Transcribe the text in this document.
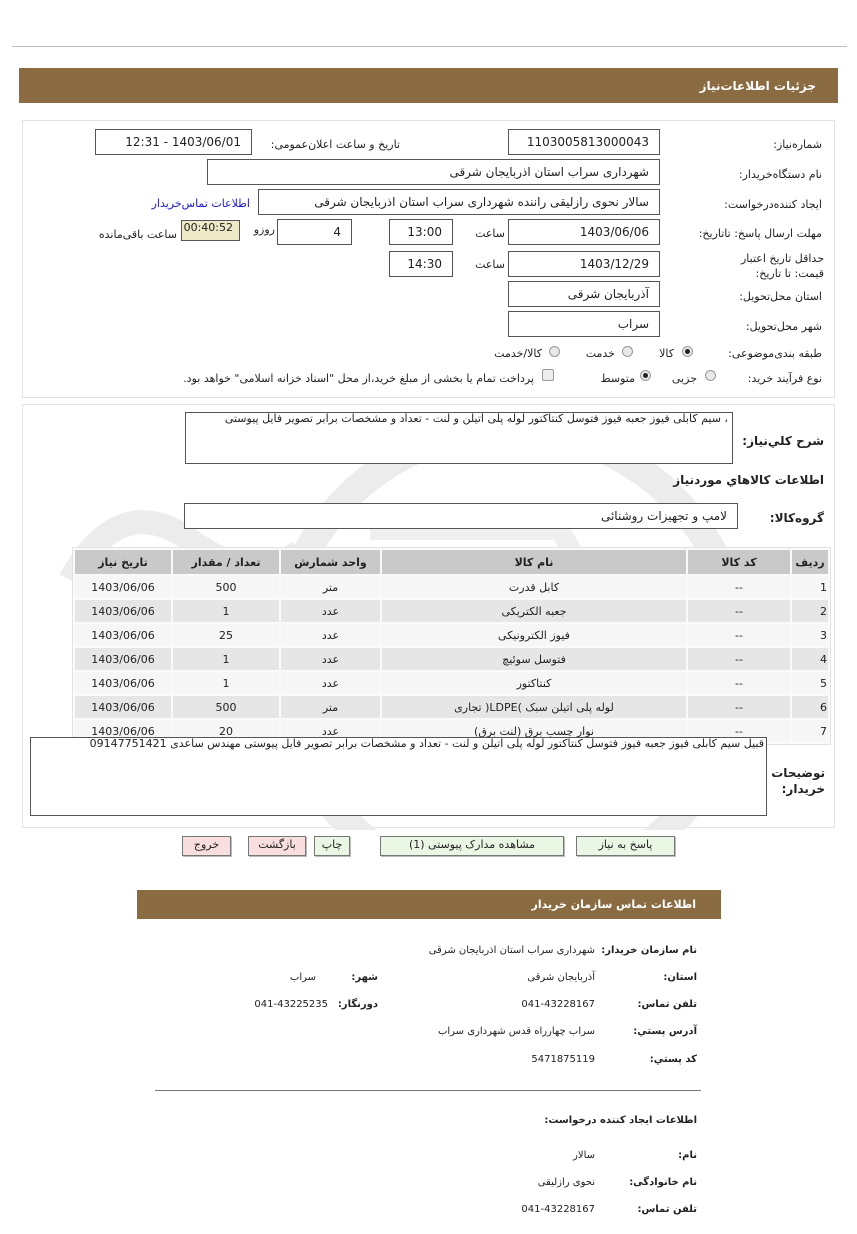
جزئیات اطلاعات‌نیاز
شماره‌نیاز:
1103005813000043
تاریخ و ساعت اعلان‌عمومی:
1403/06/01 - 12:31
نام دستگاه‌خریدار:
شهرداری سراب استان اذربایجان شرقی
ایجاد کننده‌درخواست:
سالار نحوی رازلیقی راننده شهرداری سراب استان اذربایجان شرقی
اطلاعات تماس‌خریدار
مهلت ارسال پاسخ: تاتاریخ:
1403/06/06
ساعت
13:00
4
روزو
00:40:52
ساعت باقی‌مانده
حداقل تاریخ اعتبار قیمت: تا تاریخ:
1403/12/29
ساعت
14:30
استان محل‌تحویل:
آذربایجان شرقی
شهر محل‌تحویل:
سراب
طبقه بندی‌موضوعی:
کالا
خدمت
کالا/خدمت
نوع فرآیند خرید:
جزیی
متوسط
پرداخت تمام یا بخشی از مبلغ خرید،از محل "اسناد خزانه اسلامی" خواهد بود.
شرح کلي‌نیاز:
، سیم کابلی فیوز جعبه فیوز فتوسل کنتاکتور لوله پلی اتیلن و لنت - تعداد و مشخصات برابر تصویر فایل پیوستی
اطلاعات کالاهاي موردنیاز
گروه‌کالا:
لامپ و تجهیزات روشنائی
ردیف	کد کالا	نام کالا	واحد شمارش	تعداد / مقدار	تاریخ نیاز
1	--	کابل قدرت	متر	500	1403/06/06
2	--	جعبه الکتریکی	عدد	1	1403/06/06
3	--	فیوز الکترونیکی	عدد	25	1403/06/06
4	--	فتوسل سوئیچ	عدد	1	1403/06/06
5	--	کنتاکتور	عدد	1	1403/06/06
6	--	لوله پلی اتیلن سبک )LDPE( تجاری	متر	500	1403/06/06
7	--	نوار چسب برق (لنت برق)	عدد	20	1403/06/06
توضیحات خریدار:
قبیل سیم کابلی فیوز جعبه فیوز فتوسل کنتاکتور لوله پلی اتیلن و لنت - تعداد و مشخصات برابر تصویر فایل پیوستی مهندس ساعدی 09147751421
پاسخ به نیاز
مشاهده مدارک پیوستی (1)
چاپ
بازگشت
خروج
اطلاعات تماس سازمان خریدار
نام سازمان خریدار:
شهرداری سراب استان اذربایجان شرقی
استان:
آذربایجان شرقی
شهر:
سراب
تلفن تماس:
041-43228167
دورنگار:
041-43225235
آدرس پستي:
سراب چهارراه قدس شهرداری سراب
کد پستي:
5471875119
اطلاعات ایجاد کننده درخواست:
نام:
سالار
نام خانوادگی:
نحوی رازلیقی
تلفن تماس:
041-43228167
